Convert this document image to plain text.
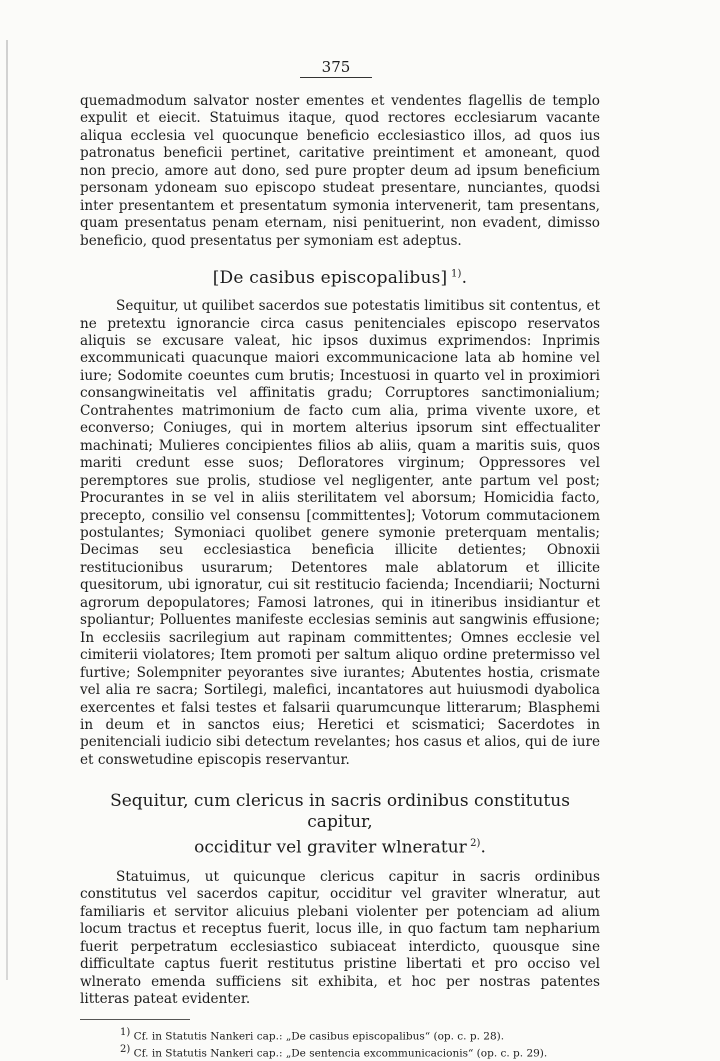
375

quemadmodum salvator noster ementes et vendentes flagellis de templo expulit et eiecit. Statuimus itaque, quod rectores ecclesiarum vacante aliqua ecclesia vel quocunque beneficio ecclesiastico illos, ad quos ius patronatus beneficii pertinet, caritative preintiment et amoneant, quod non precio, amore aut dono, sed pure propter deum ad ipsum beneficium personam ydoneam suo episcopo studeat presentare, nunciantes, quodsi inter presentantem et presentatum symonia intervenerit, tam presentans, quam presentatus penam eternam, nisi penituerint, non evadent, dimisso beneficio, quod presentatus per symoniam est adeptus.

[De casibus episcopalibus]  $^{1)}$.

Sequitur, ut quilibet sacerdos sue potestatis limitibus sit contentus, et ne pretextu ignorancie circa casus penitenciales episcopo reservatos aliquis se excusare valeat, hic ipsos duximus exprimendos: Inprimis excommunicati quacunque maiori excommunicacione lata ab homine vel iure; Sodomite coeuntes cum brutis; Incestuosi in quarto vel in proximiori consangwineitatis vel affinitatis gradu; Corruptores sanctimonialium; Contrahentes matrimonium de facto cum alia, prima vivente uxore, et econverso; Coniuges, qui in mortem alterius ipsorum sint effectualiter machinati; Mulieres concipientes filios ab aliis, quam a maritis suis, quos mariti credunt esse suos; Defloratores virginum; Oppressores vel peremptores sue prolis, studiose vel negligenter, ante partum vel post; Procurantes in se vel in aliis sterilitatem vel aborsum; Homicidia facto, precepto, consilio vel consensu [committentes]; Votorum commutacionem postulantes; Symoniaci quolibet genere symonie preterquam mentalis; Decimas seu ecclesiastica beneficia illicite detientes; Obnoxii restitucionibus usurarum; Detentores male ablatorum et illicite quesitorum, ubi ignoratur, cui sit restitucio facienda; Incendiarii; Nocturni agrorum depopulatores; Famosi latrones, qui in itineribus insidiantur et spoliantur; Polluentes manifeste ecclesias seminis aut sangwinis effusione; In ecclesiis sacrilegium aut rapinam committentes; Omnes ecclesie vel cimiterii violatores; Item promoti per saltum aliquo ordine pretermisso vel furtive; Solempniter peyorantes sive iurantes; Abutentes hostia, crismate vel alia re sacra; Sortilegi, malefici, incantatores aut huiusmodi dyabolica exercentes et falsi testes et falsarii quarumcunque litterarum; Blasphemi in deum et in sanctos eius; Heretici et scismatici; Sacerdotes in penitenciali iudicio sibi detectum revelantes; hos casus et alios, qui de iure et conswetudine episcopis reservantur.

Sequitur, cum clericus in sacris ordinibus constitutus capitur,
occiditur vel graviter wlneratur  $^{2)}$.

Statuimus, ut quicunque clericus capitur in sacris ordinibus constitutus vel sacerdos capitur, occiditur vel graviter wlneratur, aut familiaris et servitor alicuius plebani violenter per potenciam ad alium locum tractus et receptus fuerit, locus ille, in quo factum tam nepharium fuerit perpetratum ecclesiastico subiaceat interdicto, quousque sine difficultate captus fuerit restitutus pristine libertati et pro occiso vel wlnerato emenda sufficiens sit exhibita, et hoc per nostras patentes litteras pateat evidenter.

$^{1)}$ Cf. in Statutis Nankeri cap.: „De casibus episcopalibus“ (op. c. p. 28).
$^{2)}$ Cf. in Statutis Nankeri cap.: „De sentencia excommunicacionis“ (op. c. p. 29).
